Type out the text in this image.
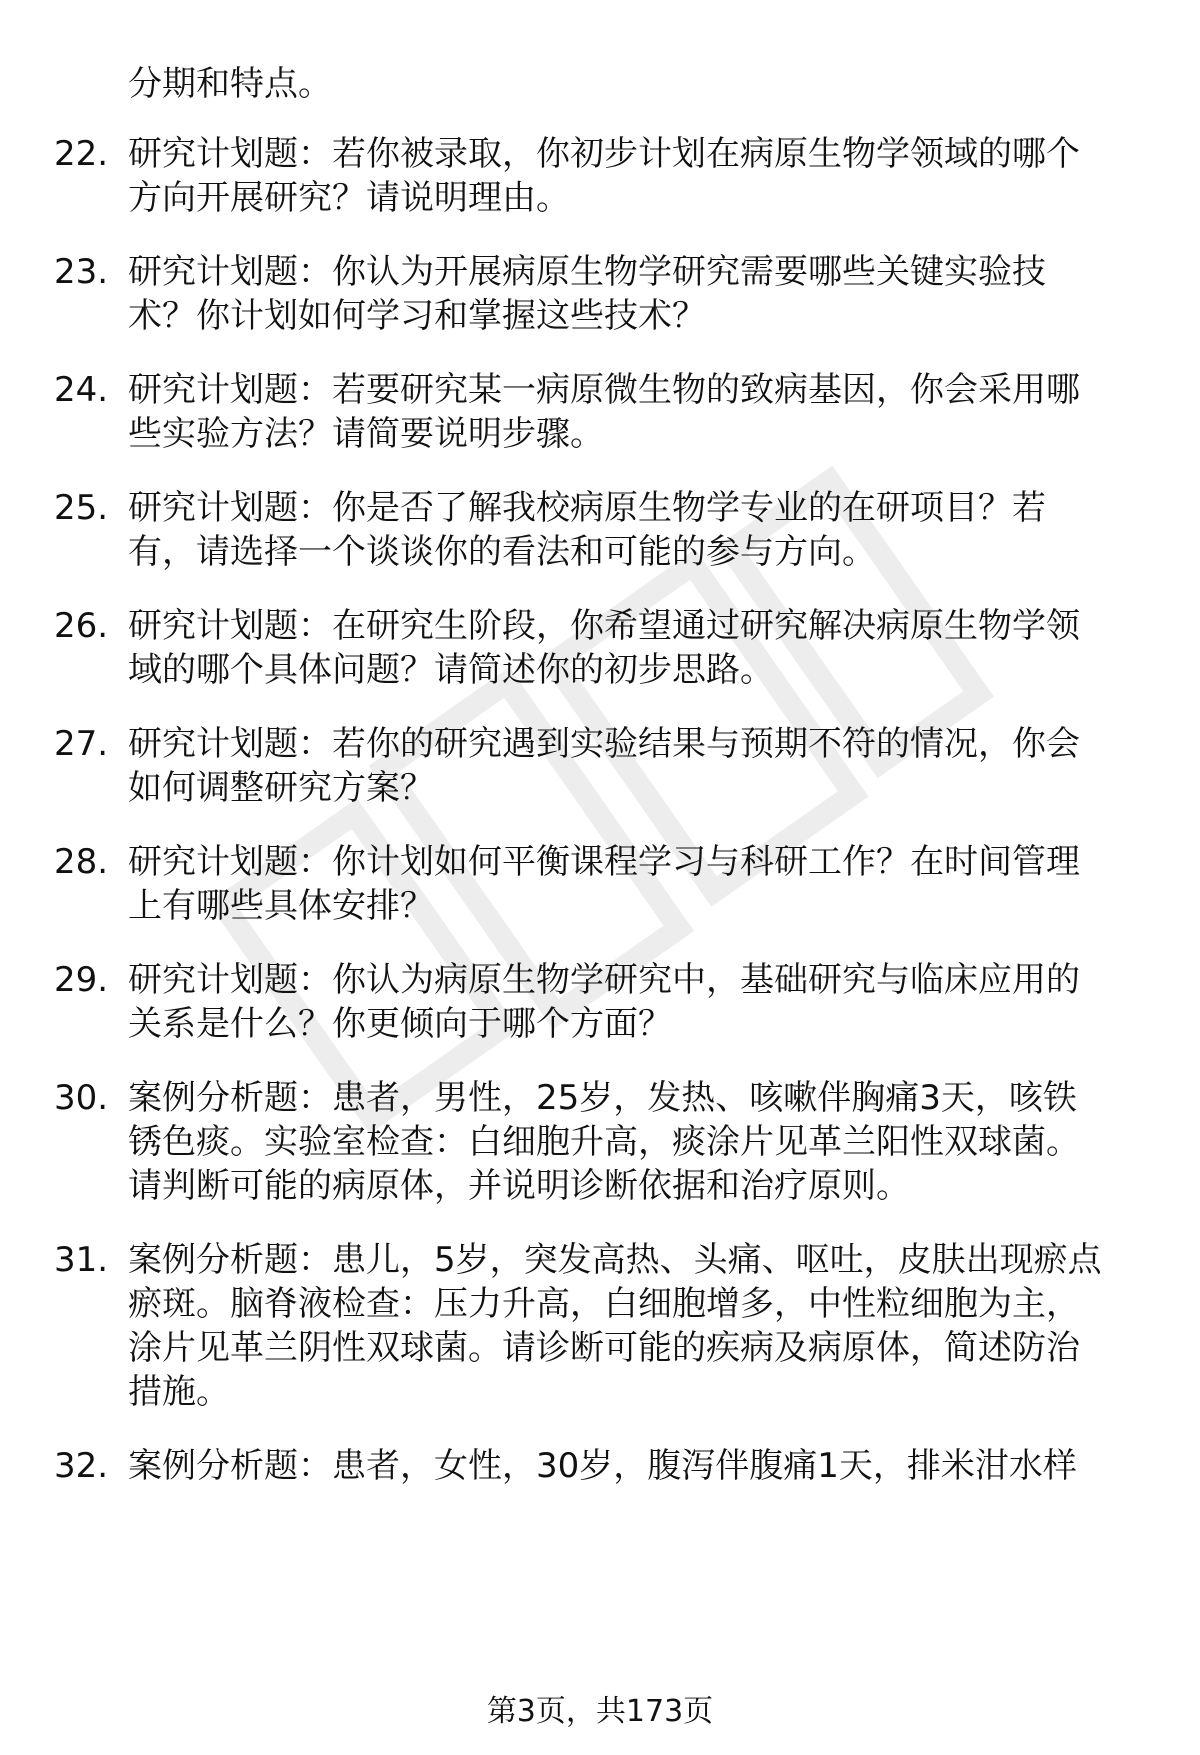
分期和特点。
22. 研究计划题：若你被录取，你初步计划在病原生物学领域的哪个
方向开展研究？请说明理由。
23. 研究计划题：你认为开展病原生物学研究需要哪些关键实验技
术？你计划如何学习和掌握这些技术？
24. 研究计划题：若要研究某一病原微生物的致病基因，你会采用哪
些实验方法？请简要说明步骤。
25. 研究计划题：你是否了解我校病原生物学专业的在研项目？若
有，请选择一个谈谈你的看法和可能的参与方向。
26. 研究计划题：在研究生阶段，你希望通过研究解决病原生物学领
域的哪个具体问题？请简述你的初步思路。
27. 研究计划题：若你的研究遇到实验结果与预期不符的情况，你会
如何调整研究方案？
28. 研究计划题：你计划如何平衡课程学习与科研工作？在时间管理
上有哪些具体安排？
29. 研究计划题：你认为病原生物学研究中，基础研究与临床应用的
关系是什么？你更倾向于哪个方面？
30. 案例分析题：患者，男性，25岁，发热、咳嗽伴胸痛3天，咳铁
锈色痰。实验室检查：白细胞升高，痰涂片见革兰阳性双球菌。
请判断可能的病原体，并说明诊断依据和治疗原则。
31. 案例分析题：患儿，5岁，突发高热、头痛、呕吐，皮肤出现瘀点
瘀斑。脑脊液检查：压力升高，白细胞增多，中性粒细胞为主，
涂片见革兰阴性双球菌。请诊断可能的疾病及病原体，简述防治
措施。
32. 案例分析题：患者，女性，30岁，腹泻伴腹痛1天，排米泔水样
第3页，共173页
